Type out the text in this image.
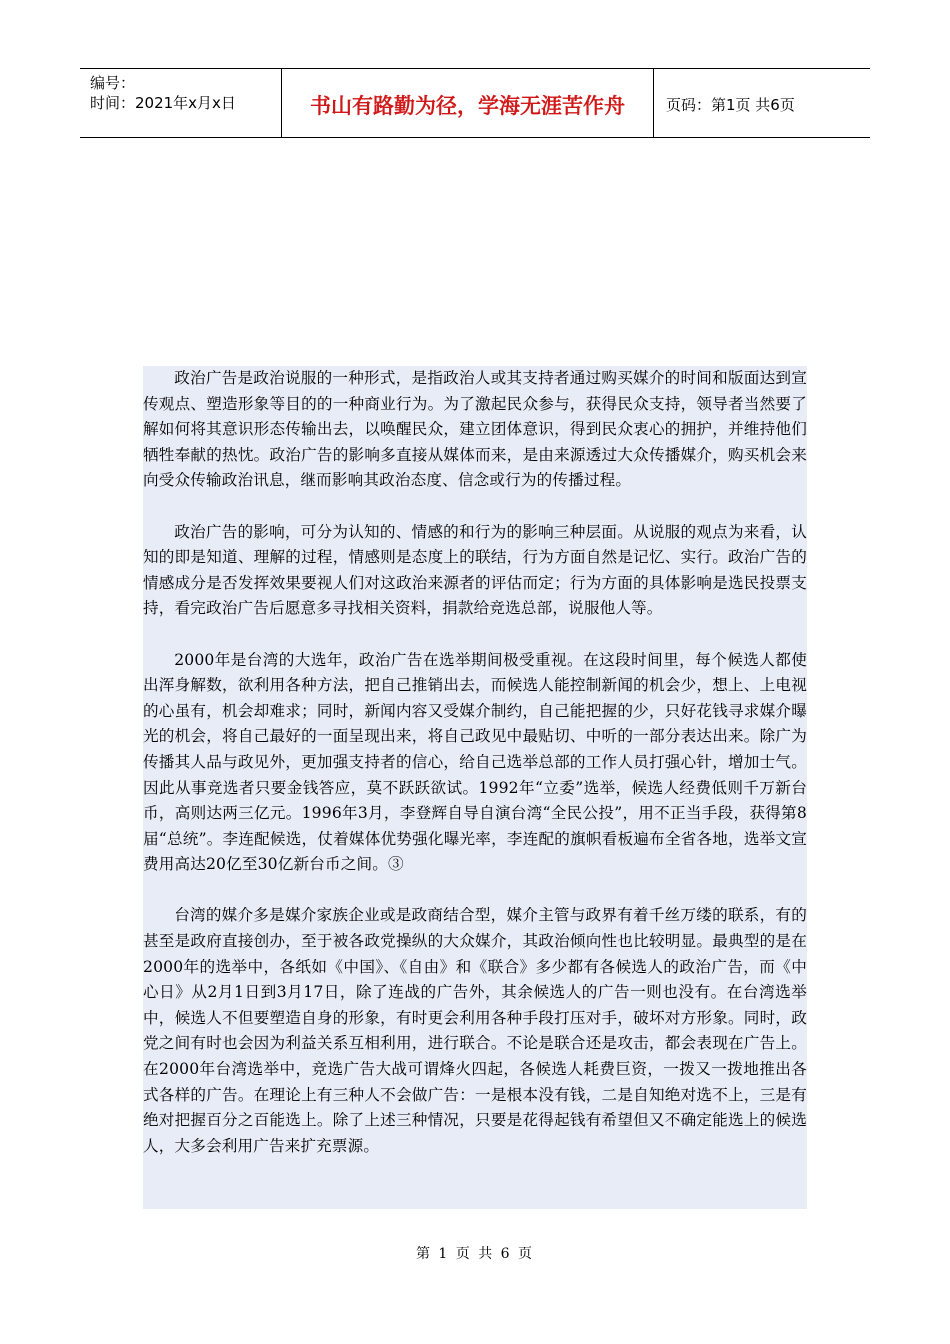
编号：
时间：2021年x月x日	书山有路勤为径，学海无涯苦作舟	页码：第1页 共6页

政治广告是政治说服的一种形式，是指政治人或其支持者通过购买媒介的时间和版面达到宣传观点、塑造形象等目的的一种商业行为。为了激起民众参与，获得民众支持，领导者当然要了解如何将其意识形态传输出去，以唤醒民众，建立团体意识，得到民众衷心的拥护，并维持他们牺牲奉献的热忱。政治广告的影响多直接从媒体而来，是由来源透过大众传播媒介，购买机会来向受众传输政治讯息，继而影响其政治态度、信念或行为的传播过程。

政治广告的影响，可分为认知的、情感的和行为的影响三种层面。从说服的观点为来看，认知的即是知道、理解的过程，情感则是态度上的联结，行为方面自然是记忆、实行。政治广告的情感成分是否发挥效果要视人们对这政治来源者的评估而定；行为方面的具体影响是选民投票支持，看完政治广告后愿意多寻找相关资料，捐款给竞选总部，说服他人等。

2000年是台湾的大选年，政治广告在选举期间极受重视。在这段时间里，每个候选人都使出浑身解数，欲利用各种方法，把自己推销出去，而候选人能控制新闻的机会少，想上、上电视的心虽有，机会却难求；同时，新闻内容又受媒介制约，自己能把握的少，只好花钱寻求媒介曝光的机会，将自己最好的一面呈现出来，将自己政见中最贴切、中听的一部分表达出来。除广为传播其人品与政见外，更加强支持者的信心，给自己选举总部的工作人员打强心针，增加士气。因此从事竞选者只要金钱答应，莫不跃跃欲试。1992年“立委”选举，候选人经费低则千万新台币，高则达两三亿元。1996年3月，李登辉自导自演台湾“全民公投”，用不正当手段，获得第8届“总统”。李连配候选，仗着媒体优势强化曝光率，李连配的旗帜看板遍布全省各地，选举文宣费用高达20亿至30亿新台币之间。③

台湾的媒介多是媒介家族企业或是政商结合型，媒介主管与政界有着千丝万缕的联系，有的甚至是政府直接创办，至于被各政党操纵的大众媒介，其政治倾向性也比较明显。最典型的是在2000年的选举中，各纸如《中国》、《自由》和《联合》多少都有各候选人的政治广告，而《中心日》从2月1日到3月17日，除了连战的广告外，其余候选人的广告一则也没有。在台湾选举中，候选人不但要塑造自身的形象，有时更会利用各种手段打压对手，破坏对方形象。同时，政党之间有时也会因为利益关系互相利用，进行联合。不论是联合还是攻击，都会表现在广告上。在2000年台湾选举中，竞选广告大战可谓烽火四起，各候选人耗费巨资，一拨又一拨地推出各式各样的广告。在理论上有三种人不会做广告：一是根本没有钱，二是自知绝对选不上，三是有绝对把握百分之百能选上。除了上述三种情况，只要是花得起钱有希望但又不确定能选上的候选人，大多会利用广告来扩充票源。

第 1 页 共 6 页
